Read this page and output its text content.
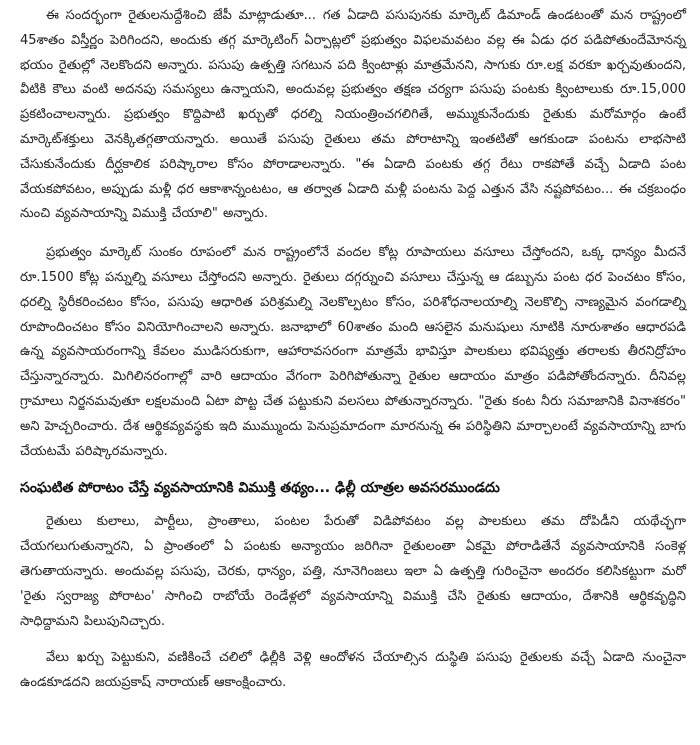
ఈ సందర్భంగా రైతులనుద్దేశించి జేపీ మాట్లాడుతూ... గత ఏడాది పసుపునకు మార్కెట్ డిమాండ్ ఉండటంతో మన రాష్ట్రంలో 45శాతం విస్తీర్ణం పెరిగిందని, అందుకు తగ్గ మార్కెటింగ్ ఏర్పాట్లలో ప్రభుత్వం విఫలమవటం వల్ల ఈ ఏడు ధర పడిపోతుందేమోనన్న భయం రైతుల్లో నెలకొందని అన్నారు. పసుపు ఉత్పత్తి సగటున పది క్వింటాళ్లు మాత్రమేనని, సాగుకు రూ.లక్ష వరకూ ఖర్చవుతుందని, వీటికి కౌలు వంటి అదనపు సమస్యలు ఉన్నాయని, అందువల్ల ప్రభుత్వం తక్షణ చర్యగా పసుపు పంటకు క్వింటాలుకు రూ.15,000 ప్రకటించాలన్నారు. ప్రభుత్వం కొద్దిపాటి ఖర్చుతో ధరల్ని నియంత్రించగలిగితే, అమ్ముకునేందుకు రైతుకు మరోమార్గం ఉంటే మార్కెట్‌శక్తులు వెనక్కితగ్గతాయన్నారు. అయితే పసుపు రైతులు తమ పోరాటాన్ని ఇంతటితో ఆగకుండా పంటను లాభసాటి చేసుకునేందుకు దీర్ఘకాలిక పరిష్కారాల కోసం పోరాడాలన్నారు. "ఈ ఏడాది పంటకు తగ్గ రేటు రాకపోతే వచ్చే ఏడాది పంట వేయకపోవటం, అప్పుడు మళ్లీ ధర ఆకాశాన్నంటటం, ఆ తర్వాత ఏడాది మళ్లీ పంటను పెద్ద ఎత్తున వేసి నష్టపోవటం... ఈ చక్రబంధం నుంచి వ్యవసాయాన్ని విముక్తి చేయాలి" అన్నారు.

ప్రభుత్వం మార్కెట్ సుంకం రూపంలో మన రాష్ట్రంలోనే వందల కోట్ల రూపాయలు వసూలు చేస్తోందని, ఒక్క ధాన్యం మీదనే రూ.1500 కోట్ల పన్నుల్ని వసూలు చేస్తోందని అన్నారు. రైతులు దగ్గర్నుంచి వసూలు చేస్తున్న ఆ డబ్బును పంట ధర పెంచటం కోసం, ధరల్ని స్థిరీకరించటం కోసం, పసుపు ఆధారిత పరిశ్రమల్ని నెలకొల్పటం కోసం, పరిశోధనాలయాల్ని నెలకొల్పి నాణ్యమైన వంగడాల్ని రూపొందించటం కోసం వినియోగించాలని అన్నారు. జనాభాలో 60శాతం మంది ఆసలైన మనుషులు నూటికి నూరుశాతం ఆధారపడి ఉన్న వ్యవసాయరంగాన్ని కేవలం ముడిసరుకుగా, ఆహారావసరంగా మాత్రమే భావిస్తూ పాలకులు భవిష్యత్తు తరాలకు తీరనిద్రోహం చేస్తున్నారన్నారు. మిగిలినరంగాల్లో వారి ఆదాయం వేగంగా పెరిగిపోతున్నా రైతుల ఆదాయం మాత్రం పడిపోతోందన్నారు. దీనివల్ల గ్రామాలు నిర్జనమవుతూ లక్షలమంది ఏటా పొట్ట చేత పట్టుకుని వలసలు పోతున్నారన్నారు. "రైతు కంట నీరు సమాజానికి వినాశకరం" అని హెచ్చరించారు. దేశ ఆర్థికవ్యవస్థకు ఇది ముమ్ముందు పెనుప్రమాదంగా మారనున్న ఈ పరిస్థితిని మార్చాలంటే వ్యవసాయాన్ని బాగు చేయటమే పరిష్కారమన్నారు.

సంఘటిత పోరాటం చేస్తే వ్యవసాయానికి విముక్తి తథ్యం... ఢిల్లీ యాత్రల అవసరముండదు

రైతులు కులాలు, పార్టీలు, ప్రాంతాలు, పంటల పేరుతో విడిపోవటం వల్ల పాలకులు తమ దోపిడీని యథేచ్ఛగా చేయగలుగుతున్నారని, ఏ ప్రాంతంలో ఏ పంటకు అన్యాయం జరిగినా రైతులంతా ఏకమై పోరాడితేనే వ్యవసాయానికి సంకెళ్ల తెగుతాయన్నారు. అందువల్ల పసుపు, చెరకు, ధాన్యం, పత్తి, నూనెగింజలు ఇలా ఏ ఉత్పత్తి గురించైనా అందరం కలిసికట్టుగా మరో 'రైతు స్వరాజ్య పోరాటం' సాగించి రాబోయే రెండేళ్లలో వ్యవసాయాన్ని విముక్తి చేసి రైతుకు ఆదాయం, దేశానికి ఆర్థికవృద్ధిని సాధిద్దామని పిలుపునిచ్చారు.

వేలు ఖర్చు పెట్టుకుని, వణికించే చలిలో ఢిల్లీకి వెళ్లి ఆందోళన చేయాల్సిన దుస్థితి పసుపు రైతులకు వచ్చే ఏడాది నుంచైనా ఉండకూడదని జయప్రకాష్ నారాయణ్ ఆకాంక్షించారు.
